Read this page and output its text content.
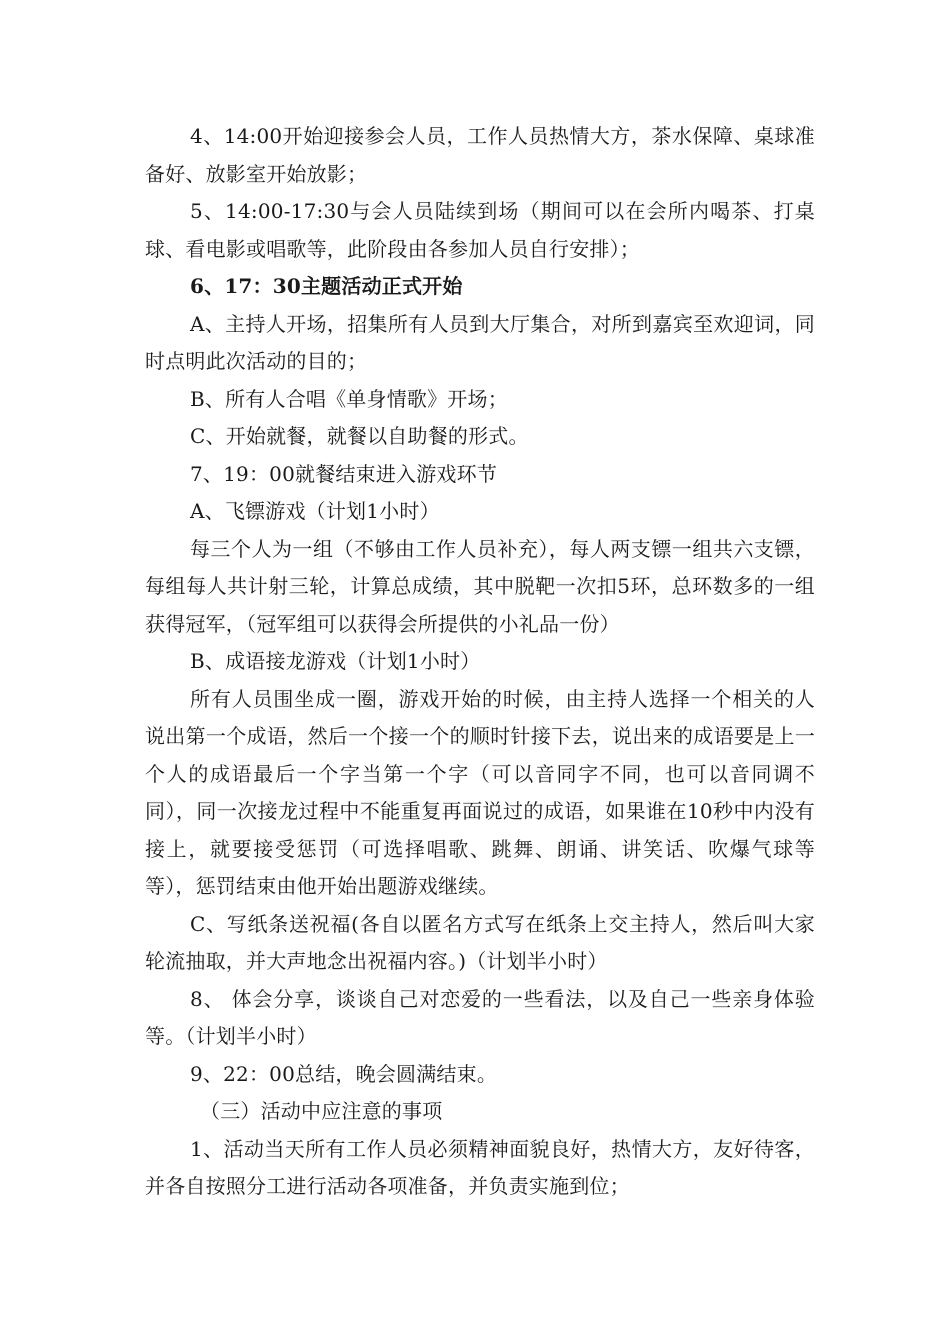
4、14:00开始迎接参会人员，工作人员热情大方，茶水保障、桌球准备好、放影室开始放影；

5、14:00-17:30与会人员陆续到场（期间可以在会所内喝茶、打桌球、看电影或唱歌等，此阶段由各参加人员自行安排）；

6、17：30主题活动正式开始

A、主持人开场，招集所有人员到大厅集合，对所到嘉宾至欢迎词，同时点明此次活动的目的；

B、所有人合唱《单身情歌》开场；

C、开始就餐，就餐以自助餐的形式。

7、19：00就餐结束进入游戏环节

A、飞镖游戏（计划1小时）

每三个人为一组（不够由工作人员补充），每人两支镖一组共六支镖，每组每人共计射三轮，计算总成绩，其中脱靶一次扣5环，总环数多的一组获得冠军，（冠军组可以获得会所提供的小礼品一份）

B、成语接龙游戏（计划1小时）

所有人员围坐成一圈，游戏开始的时候，由主持人选择一个相关的人说出第一个成语，然后一个接一个的顺时针接下去，说出来的成语要是上一个人的成语最后一个字当第一个字（可以音同字不同，也可以音同调不同），同一次接龙过程中不能重复再面说过的成语，如果谁在10秒中内没有接上，就要接受惩罚（可选择唱歌、跳舞、朗诵、讲笑话、吹爆气球等等），惩罚结束由他开始出题游戏继续。

C、写纸条送祝福(各自以匿名方式写在纸条上交主持人，然后叫大家轮流抽取，并大声地念出祝福内容。)（计划半小时）

8、 体会分享，谈谈自己对恋爱的一些看法，以及自己一些亲身体验等。（计划半小时）

9、22：00总结，晚会圆满结束。

（三）活动中应注意的事项

1、活动当天所有工作人员必须精神面貌良好，热情大方，友好待客，并各自按照分工进行活动各项准备，并负责实施到位；
